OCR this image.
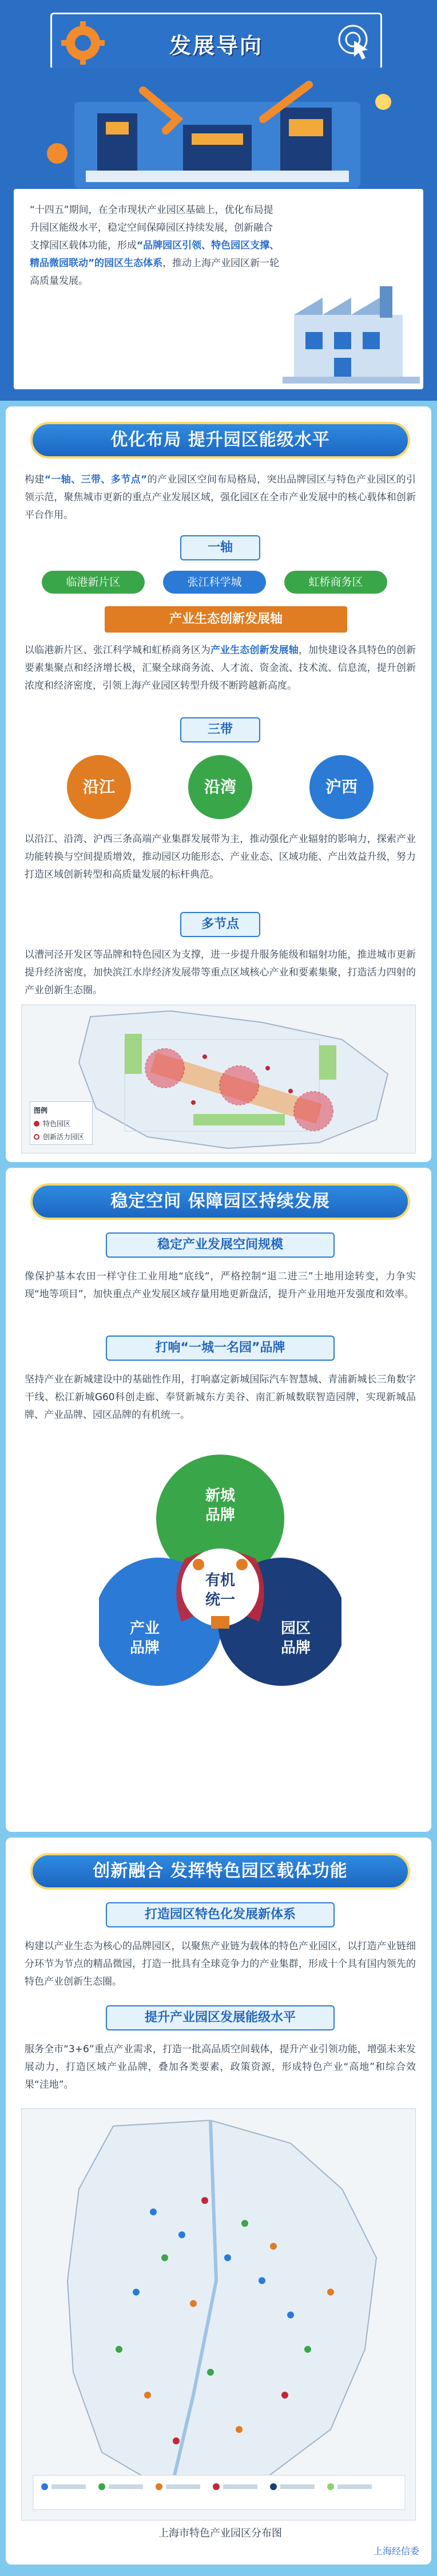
发展导向
“十四五”期间，在全市现状产业园区基础上，优化布局提升园区能级水平，稳定空间保障园区持续发展，创新融合支撑园区载体功能，形成“品牌园区引领、特色园区支撑、精品微园联动”的园区生态体系，推动上海产业园区新一轮高质量发展。
优化布局 提升园区能级水平
构建“一轴、三带、多节点”的产业园区空间布局格局，突出品牌园区与特色产业园区的引领示范，聚焦城市更新的重点产业发展区域，强化园区在全市产业发展中的核心载体和创新平台作用。
一轴
临港新片区	张江科学城	虹桥商务区
产业生态创新发展轴
以临港新片区、张江科学城和虹桥商务区为产业生态创新发展轴，加快建设各具特色的创新要素集聚点和经济增长极，汇聚全球商务流、人才流、资金流、技术流、信息流，提升创新浓度和经济密度，引领上海产业园区转型升级不断跨越新高度。
三带
沿江	沿湾	沪西
以沿江、沿湾、沪西三条高端产业集群发展带为主，推动强化产业辐射的影响力，探索产业功能转换与空间提质增效，推动园区功能形态、产业业态、区域功能、产出效益升级，努力打造区域创新转型和高质量发展的标杆典范。
多节点
以漕河泾开发区等品牌和特色园区为支撑，进一步提升服务能级和辐射功能，推进城市更新提升经济密度，加快滨江水岸经济发展带等重点区域核心产业和要素集聚，打造活力四射的产业创新生态圈。
图例
特色园区
创新活力园区
稳定空间 保障园区持续发展
稳定产业发展空间规模
像保护基本农田一样守住工业用地“底线”，严格控制“退二进三”土地用途转变，力争实现“地等项目”，加快重点产业发展区域存量用地更新盘活，提升产业用地开发强度和效率。
打响“一城一名园”品牌
坚持产业在新城建设中的基础性作用，打响嘉定新城国际汽车智慧城、青浦新城长三角数字干线、松江新城G60科创走廊、奉贤新城东方美谷、南汇新城数联智造园牌，实现新城品牌、产业品牌、园区品牌的有机统一。
新城
品牌
产业
品牌
园区
品牌
有机
统一
创新融合 发挥特色园区载体功能
打造园区特色化发展新体系
构建以产业生态为核心的品牌园区，以聚焦产业链为载体的特色产业园区，以打造产业链细分环节为节点的精品微园，打造一批具有全球竞争力的产业集群，形成十个具有国内领先的特色产业创新生态圈。
提升产业园区发展能级水平
服务全市“3+6”重点产业需求，打造一批高品质空间载体，提升产业引领功能，增强未来发展动力，打造区域产业品牌，叠加各类要素，政策资源，形成特色产业“高地”和综合效果“洼地”。
上海市特色产业园区分布图
上海经信委
